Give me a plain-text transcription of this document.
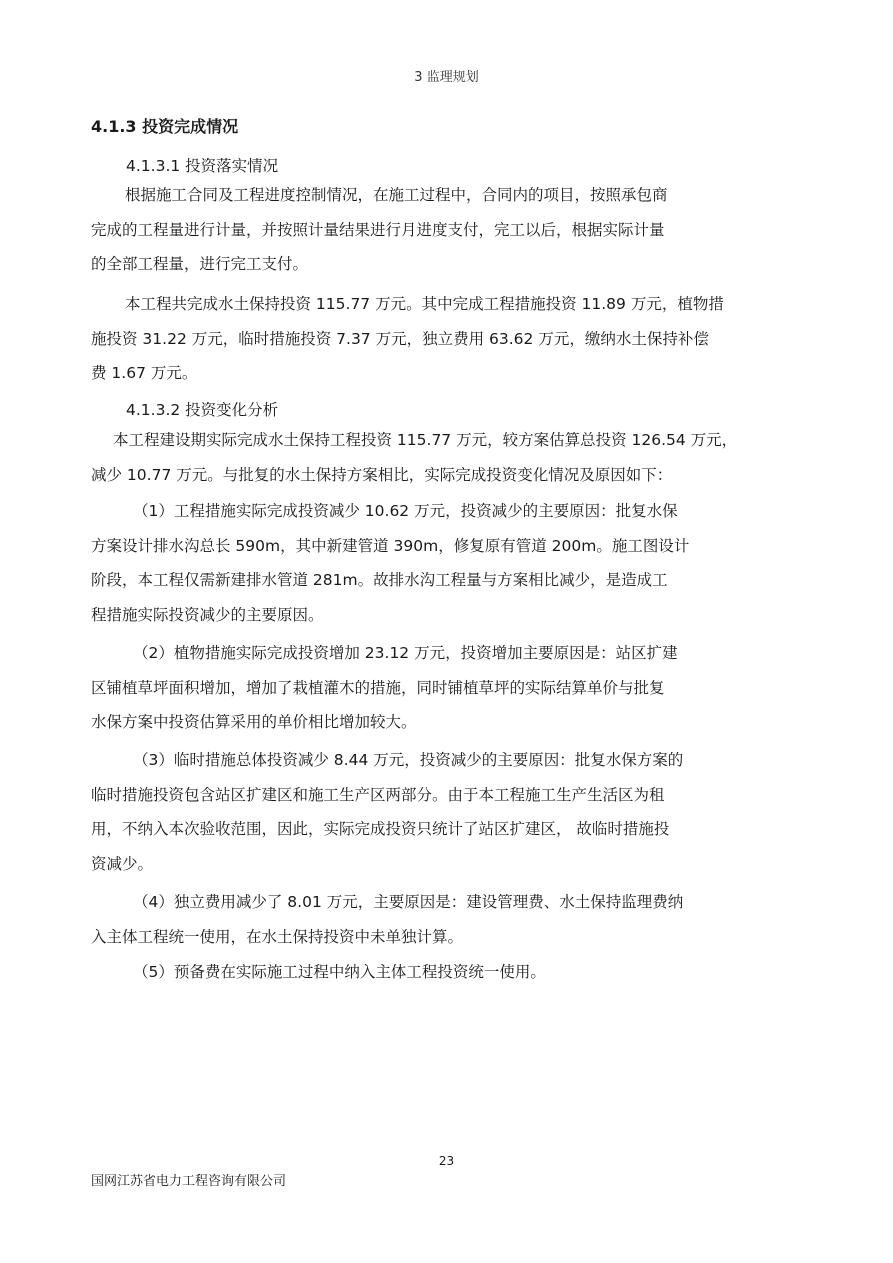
3 监理规划
4.1.3 投资完成情况
4.1.3.1 投资落实情况
根据施工合同及工程进度控制情况，在施工过程中，合同内的项目，按照承包商
完成的工程量进行计量，并按照计量结果进行月进度支付，完工以后，根据实际计量
的全部工程量，进行完工支付。
本工程共完成水土保持投资 115.77 万元。其中完成工程措施投资 11.89 万元，植物措
施投资 31.22 万元，临时措施投资 7.37 万元，独立费用 63.62 万元，缴纳水土保持补偿
费 1.67 万元。
4.1.3.2 投资变化分析
本工程建设期实际完成水土保持工程投资 115.77 万元，较方案估算总投资 126.54 万元，
减少 10.77 万元。与批复的水土保持方案相比，实际完成投资变化情况及原因如下：
（1）工程措施实际完成投资减少 10.62 万元，投资减少的主要原因：批复水保
方案设计排水沟总长 590m，其中新建管道 390m，修复原有管道 200m。施工图设计
阶段，本工程仅需新建排水管道 281m。故排水沟工程量与方案相比减少，是造成工
程措施实际投资减少的主要原因。
（2）植物措施实际完成投资增加 23.12 万元，投资增加主要原因是：站区扩建
区铺植草坪面积增加，增加了栽植灌木的措施，同时铺植草坪的实际结算单价与批复
水保方案中投资估算采用的单价相比增加较大。
（3）临时措施总体投资减少 8.44 万元，投资减少的主要原因：批复水保方案的
临时措施投资包含站区扩建区和施工生产区两部分。由于本工程施工生产生活区为租
用，不纳入本次验收范围，因此，实际完成投资只统计了站区扩建区， 故临时措施投
资减少。
（4）独立费用减少了 8.01 万元，主要原因是：建设管理费、水土保持监理费纳
入主体工程统一使用，在水土保持投资中未单独计算。
（5）预备费在实际施工过程中纳入主体工程投资统一使用。
23
国网江苏省电力工程咨询有限公司
